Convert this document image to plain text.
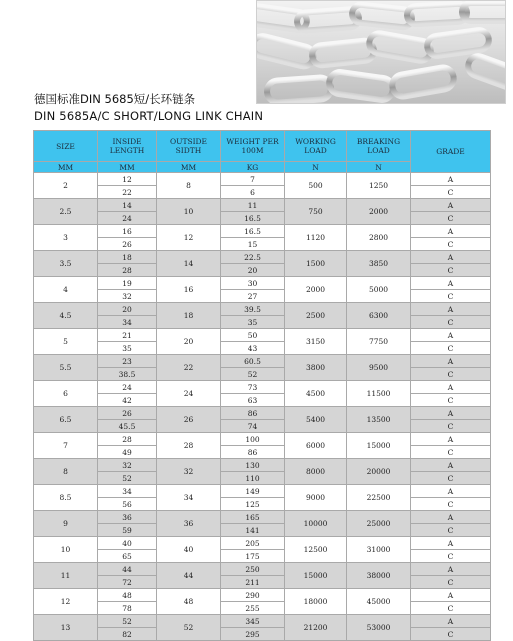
德国标准DIN 5685短/长环链条
DIN 5685A/C SHORT/LONG LINK CHAIN
SIZE	INSIDE LENGTH	OUTSIDE SIDTH	WEIGHT PER 100M	WORKING LOAD	BREAKING LOAD	GRADE
MM	MM	MM	KG	N	N	
2	12	8	7	500	1250	A
	22		6			C
2.5	14	10	11	750	2000	A
	24		16.5			C
3	16	12	16.5	1120	2800	A
	26		15			C
3.5	18	14	22.5	1500	3850	A
	28		20			C
4	19	16	30	2000	5000	A
	32		27			C
4.5	20	18	39.5	2500	6300	A
	34		35			C
5	21	20	50	3150	7750	A
	35		43			C
5.5	23	22	60.5	3800	9500	A
	38.5		52			C
6	24	24	73	4500	11500	A
	42		63			C
6.5	26	26	86	5400	13500	A
	45.5		74			C
7	28	28	100	6000	15000	A
	49		86			C
8	32	32	130	8000	20000	A
	52		110			C
8.5	34	34	149	9000	22500	A
	56		125			C
9	36	36	165	10000	25000	A
	59		141			C
10	40	40	205	12500	31000	A
	65		175			C
11	44	44	250	15000	38000	A
	72		211			C
12	48	48	290	18000	45000	A
	78		255			C
13	52	52	345	21200	53000	A
	82		295			C
